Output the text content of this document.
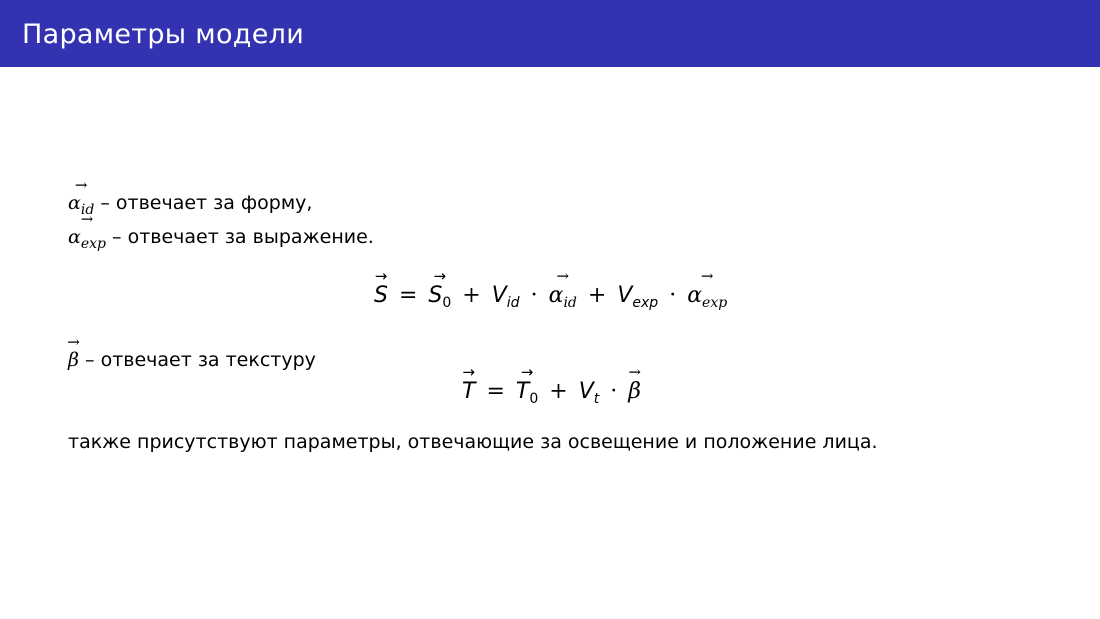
Параметры модели
→ $\alpha_{id}$ – отвечает за форму,
→ $\alpha_{exp}$ – отвечает за выражение.
→ S = → $S_0 + V_{id}$ · → $\alpha_{id} + V_{exp}$ · → $\alpha_{exp}$
→ β – отвечает за текстуру
→ T = → $T_0 + V_t$ · → β
также присутствуют параметры, отвечающие за освещение и положение лица.
